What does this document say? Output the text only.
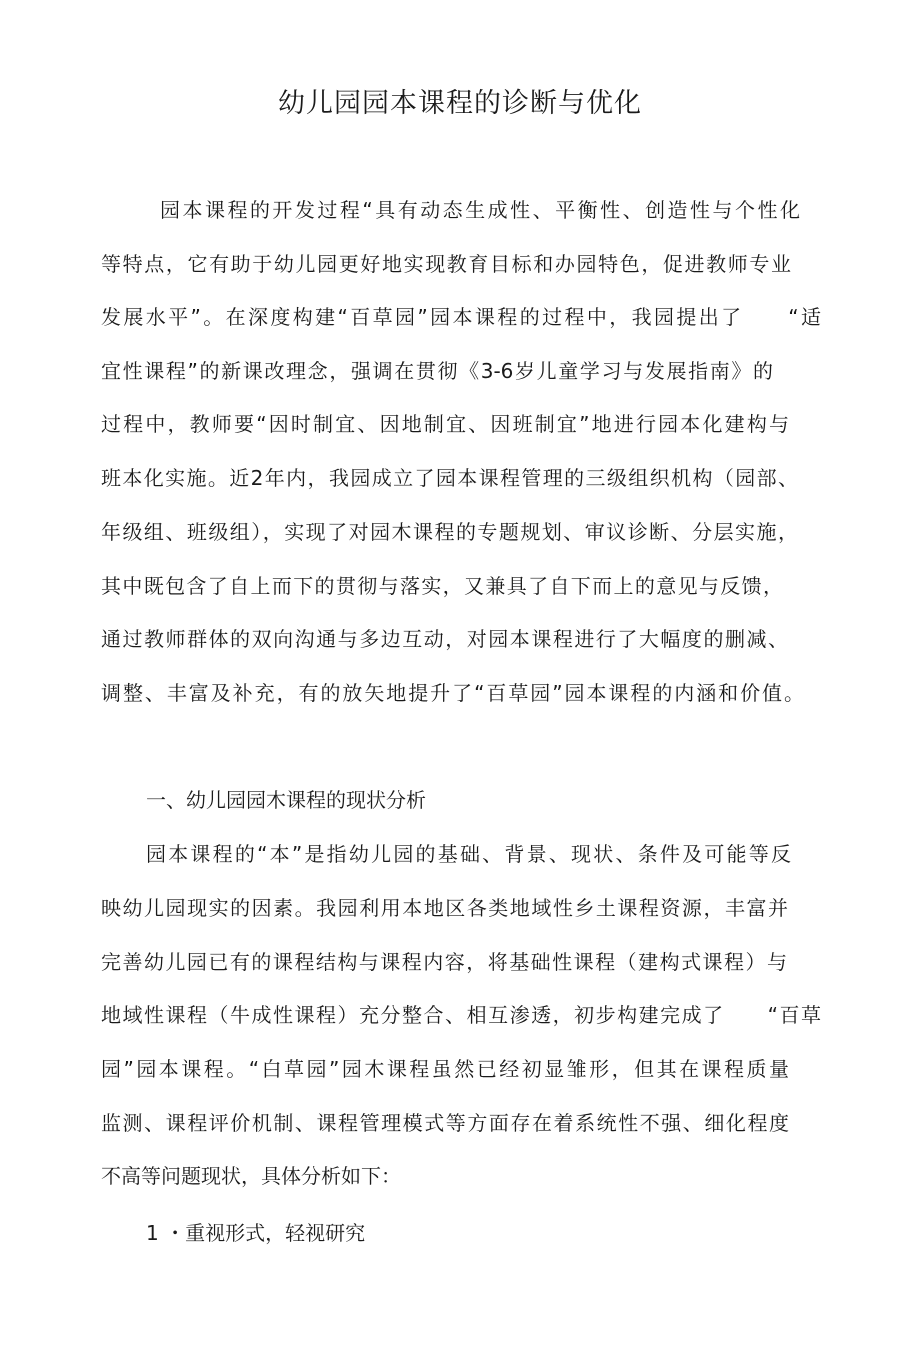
幼儿园园本课程的诊断与优化
园本课程的开发过程“具有动态生成性、平衡性、创造性与个性化
等特点，它有助于幼儿园更好地实现教育目标和办园特色，促进教师专业
发展水平”。在深度构建“百草园”园本课程的过程中，我园提出了　　“适
宜性课程”的新课改理念，强调在贯彻《3-6岁儿童学习与发展指南》的
过程中，教师要“因时制宜、因地制宜、因班制宜”地进行园本化建构与
班本化实施。近2年内，我园成立了园本课程管理的三级组织机构（园部、
年级组、班级组），实现了对园木课程的专题规划、审议诊断、分层实施，
其中既包含了自上而下的贯彻与落实，又兼具了自下而上的意见与反馈，
通过教师群体的双向沟通与多边互动，对园本课程进行了大幅度的删减、
调整、丰富及补充，有的放矢地提升了“百草园”园本课程的内涵和价值。
一、幼儿园园木课程的现状分析
园本课程的“本”是指幼儿园的基础、背景、现状、条件及可能等反
映幼儿园现实的因素。我园利用本地区各类地域性乡土课程资源，丰富并
完善幼儿园已有的课程结构与课程内容，将基础性课程（建构式课程）与
地域性课程（牛成性课程）充分整合、相互渗透，初步构建完成了　　“百草
园”园本课程。“白草园”园木课程虽然已经初显雏形，但其在课程质量
监测、课程评价机制、课程管理模式等方面存在着系统性不强、细化程度
不高等问题现状，具体分析如下：
1 ・重视形式，轻视研究
